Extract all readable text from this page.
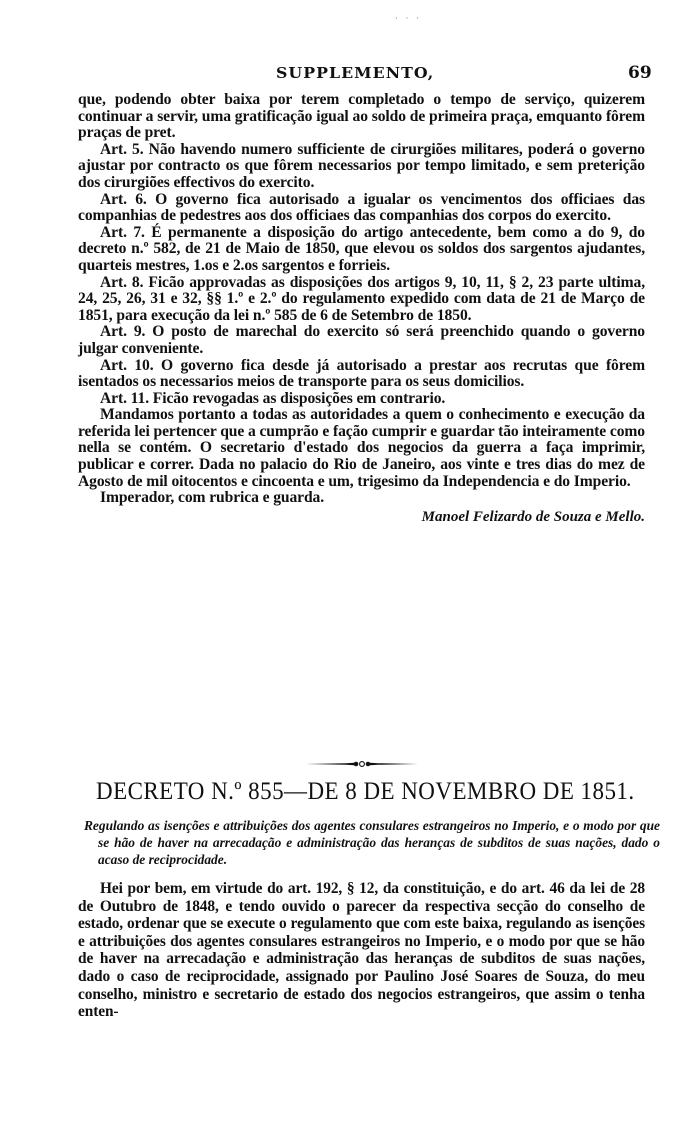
· · ·
SUPPLEMENTO,	69

que, podendo obter baixa por terem completado o tempo de serviço, quizerem continuar a servir, uma gratificação igual ao soldo de primeira praça, emquanto fôrem praças de pret.

Art. 5. Não havendo numero sufficiente de cirurgiões militares, poderá o governo ajustar por contracto os que fôrem necessarios por tempo limitado, e sem preterição dos cirurgiões effectivos do exercito.

Art. 6. O governo fica autorisado a igualar os vencimentos dos officiaes das companhias de pedestres aos dos officiaes das companhias dos corpos do exercito.

Art. 7. É permanente a disposição do artigo antecedente, bem como a do 9, do decreto n.º 582, de 21 de Maio de 1850, que elevou os soldos dos sargentos ajudantes, quarteis mestres, 1.os e 2.os sargentos e forrieis.

Art. 8. Ficão approvadas as disposições dos artigos 9, 10, 11, § 2, 23 parte ultima, 24, 25, 26, 31 e 32, §§ 1.º e 2.º do regulamento expedido com data de 21 de Março de 1851, para execução da lei n.º 585 de 6 de Setembro de 1850.

Art. 9. O posto de marechal do exercito só será preenchido quando o governo julgar conveniente.

Art. 10. O governo fica desde já autorisado a prestar aos recrutas que fôrem isentados os necessarios meios de transporte para os seus domicilios.

Art. 11. Ficão revogadas as disposições em contrario.

Mandamos portanto a todas as autoridades a quem o conhecimento e execução da referida lei pertencer que a cumprão e fação cumprir e guardar tão inteiramente como nella se contém. O secretario d'estado dos negocios da guerra a faça imprimir, publicar e correr. Dada no palacio do Rio de Janeiro, aos vinte e tres dias do mez de Agosto de mil oitocentos e cincoenta e um, trigesimo da Independencia e do Imperio.

Imperador, com rubrica e guarda.

Manoel Felizardo de Souza e Mello.
DECRETO N.º 855—DE 8 DE NOVEMBRO DE 1851.
Regulando as isenções e attribuições dos agentes consulares estrangeiros no Imperio, e o modo por que se hão de haver na arrecadação e administração das heranças de subditos de suas nações, dado o acaso de reciprocidade.

Hei por bem, em virtude do art. 192, § 12, da constituição, e do art. 46 da lei de 28 de Outubro de 1848, e tendo ouvido o parecer da respectiva secção do conselho de estado, ordenar que se execute o regulamento que com este baixa, regulando as isenções e attribuições dos agentes consulares estrangeiros no Imperio, e o modo por que se hão de haver na arrecadação e administração das heranças de subditos de suas nações, dado o caso de reciprocidade, assignado por Paulino José Soares de Souza, do meu conselho, ministro e secretario de estado dos negocios estrangeiros, que assim o tenha enten-
